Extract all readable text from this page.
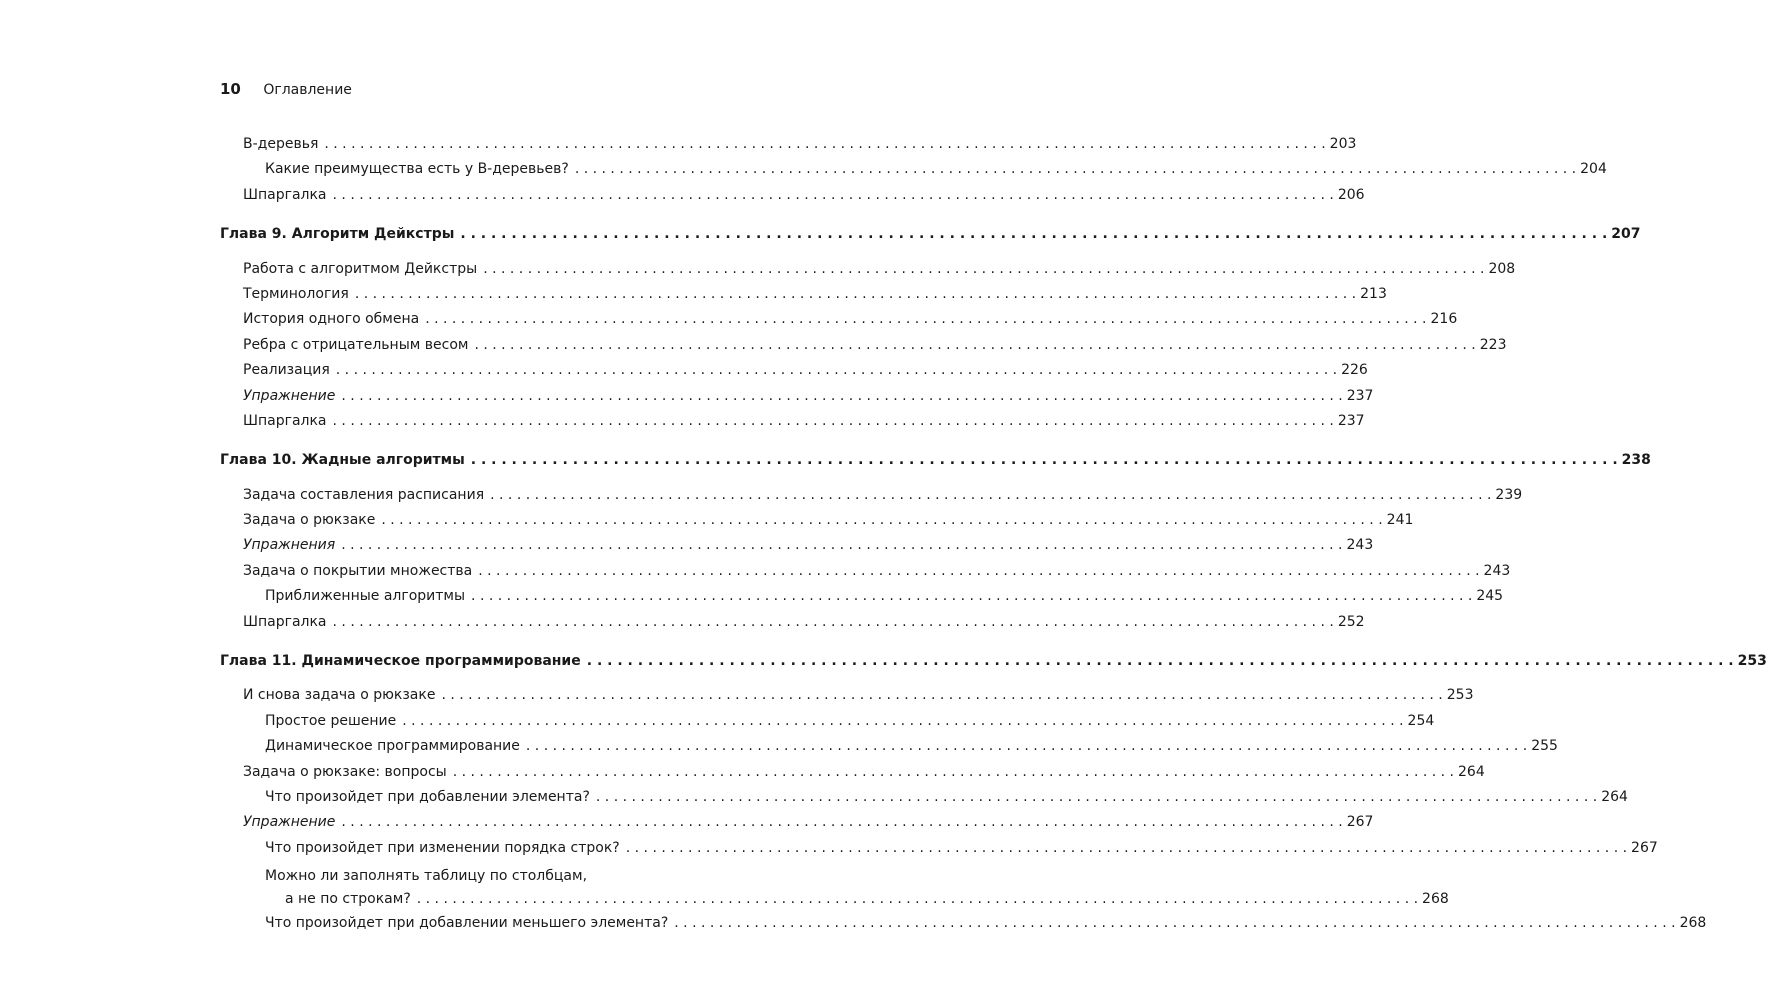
10 Оглавление
B-деревья . . .	203
Какие преимущества есть у B-деревьев? . . .	204
Шпаргалка . . .	206
Глава 9. Алгоритм Дейкстры . . .	207
Работа с алгоритмом Дейкстры . . .	208
Терминология . . .	213
История одного обмена . . .	216
Ребра с отрицательным весом . . .	223
Реализация . . .	226
Упражнение . . .	237
Шпаргалка . . .	237
Глава 10. Жадные алгоритмы . . .	238
Задача составления расписания . . .	239
Задача о рюкзаке . . .	241
Упражнения . . .	243
Задача о покрытии множества . . .	243
Приближенные алгоритмы . . .	245
Шпаргалка . . .	252
Глава 11. Динамическое программирование . . .	253
И снова задача о рюкзаке . . .	253
Простое решение . . .	254
Динамическое программирование . . .	255
Задача о рюкзаке: вопросы . . .	264
Что произойдет при добавлении элемента? . . .	264
Упражнение . . .	267
Что произойдет при изменении порядка строк? . . .	267
Можно ли заполнять таблицу по столбцам,
а не по строкам? . . .	268
Что произойдет при добавлении меньшего элемента? . . .	268
